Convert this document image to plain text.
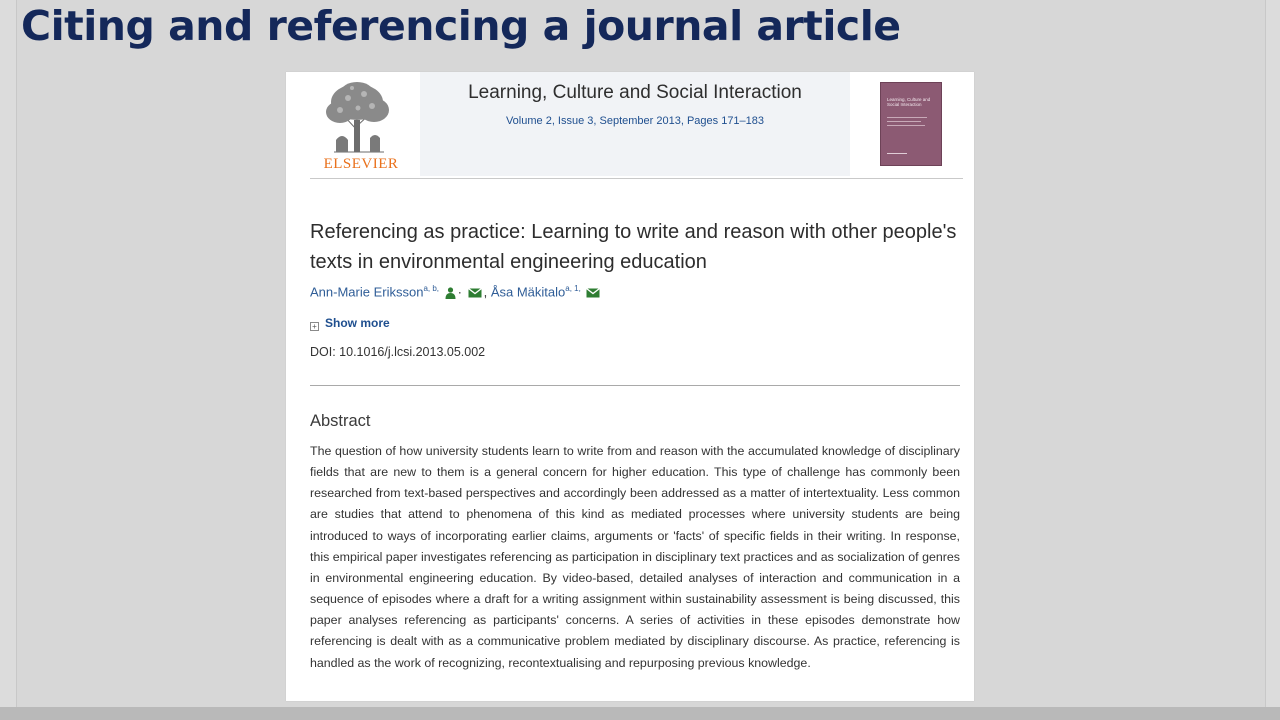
Citing and referencing a journal article
ELSEVIER
Learning, Culture and Social Interaction
Volume 2, Issue 3, September 2013, Pages 171–183
Learning, Culture and Social Interaction
Referencing as practice: Learning to write and reason with other people's texts in environmental engineering education
Ann-Marie Eriksson$^{a, b,}$ · , Åsa Mäkitalo$^{a, 1,}$
+ Show more
DOI: 10.1016/j.lcsi.2013.05.002
Abstract

The question of how university students learn to write from and reason with the accumulated knowledge of disciplinary fields that are new to them is a general concern for higher education. This type of challenge has commonly been researched from text-based perspectives and accordingly been addressed as a matter of intertextuality. Less common are studies that attend to phenomena of this kind as mediated processes where university students are being introduced to ways of incorporating earlier claims, arguments or 'facts' of specific fields in their writing. In response, this empirical paper investigates referencing as participation in disciplinary text practices and as socialization of genres in environmental engineering education. By video-based, detailed analyses of interaction and communication in a sequence of episodes where a draft for a writing assignment within sustainability assessment is being discussed, this paper analyses referencing as participants' concerns. A series of activities in these episodes demonstrate how referencing is dealt with as a communicative problem mediated by disciplinary discourse. As practice, referencing is handled as the work of recognizing, recontextualising and repurposing previous knowledge.
